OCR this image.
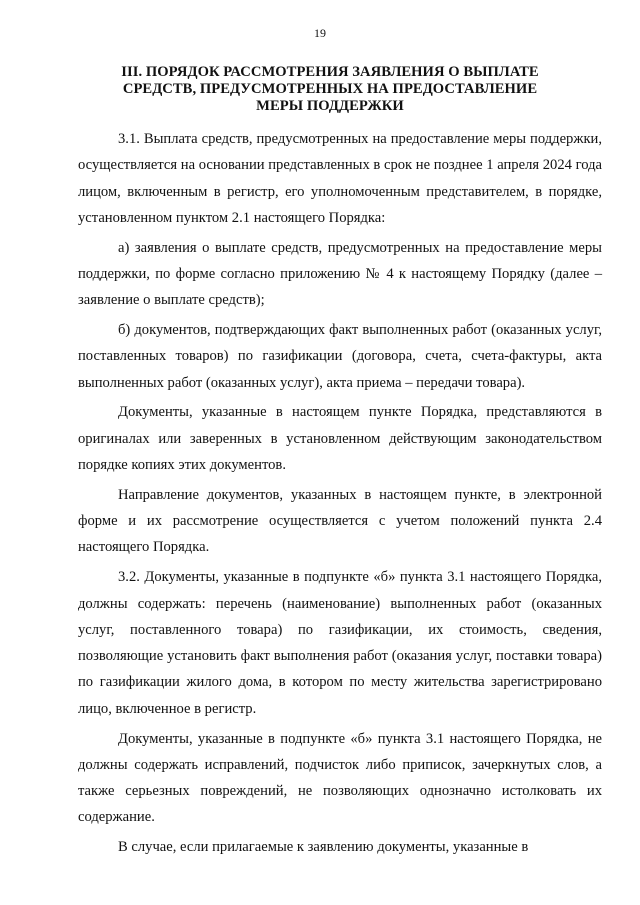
19
III. ПОРЯДОК РАССМОТРЕНИЯ ЗАЯВЛЕНИЯ О ВЫПЛАТЕ
СРЕДСТВ, ПРЕДУСМОТРЕННЫХ НА ПРЕДОСТАВЛЕНИЕ
МЕРЫ ПОДДЕРЖКИ

3.1. Выплата средств, предусмотренных на предоставление меры поддержки, осуществляется на основании представленных в срок не позднее 1 апреля 2024 года лицом, включенным в регистр, его уполномоченным представителем, в порядке, установленном пунктом 2.1 настоящего Порядка:

а) заявления о выплате средств, предусмотренных на предоставление меры поддержки, по форме согласно приложению № 4 к настоящему Порядку (далее – заявление о выплате средств);

б) документов, подтверждающих факт выполненных работ (оказанных услуг, поставленных товаров) по газификации (договора, счета, счета-фактуры, акта выполненных работ (оказанных услуг), акта приема – передачи товара).

Документы, указанные в настоящем пункте Порядка, представляются в оригиналах или заверенных в установленном действующим законодательством порядке копиях этих документов.

Направление документов, указанных в настоящем пункте, в электронной форме и их рассмотрение осуществляется с учетом положений пункта 2.4 настоящего Порядка.

3.2. Документы, указанные в подпункте «б» пункта 3.1 настоящего Порядка, должны содержать: перечень (наименование) выполненных работ (оказанных услуг, поставленного товара) по газификации, их стоимость, сведения, позволяющие установить факт выполнения работ (оказания услуг, поставки товара) по газификации жилого дома, в котором по месту жительства зарегистрировано лицо, включенное в регистр.

Документы, указанные в подпункте «б» пункта 3.1 настоящего Порядка, не должны содержать исправлений, подчисток либо приписок, зачеркнутых слов, а также серьезных повреждений, не позволяющих однозначно истолковать их содержание.

В случае, если прилагаемые к заявлению документы, указанные в
